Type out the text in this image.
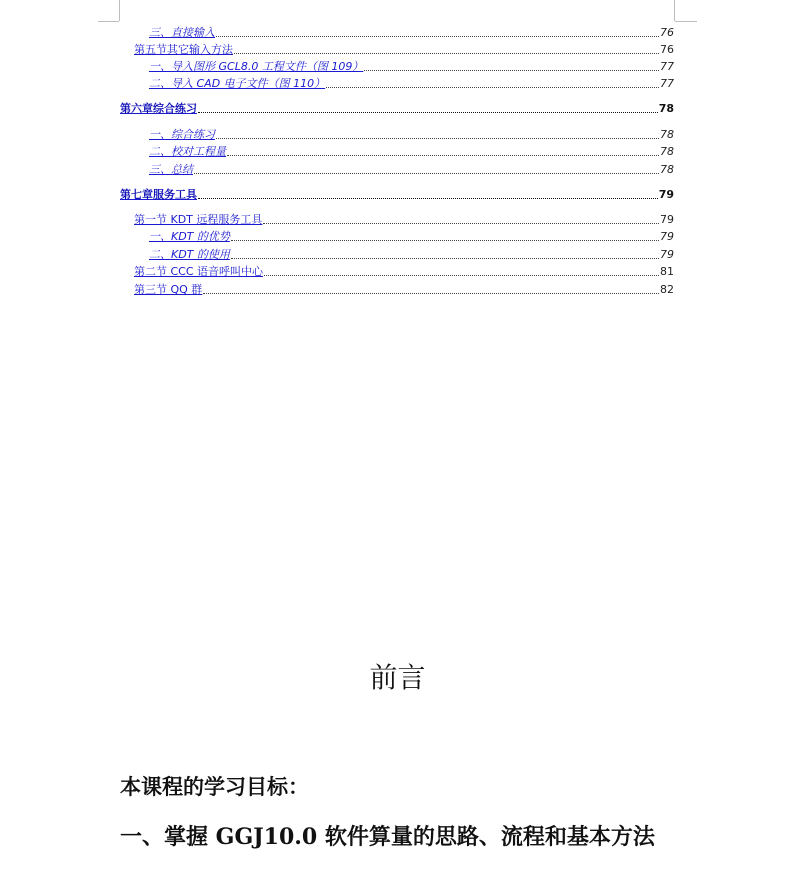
三、直接输入	76
第五节其它输入方法	76
一、导入图形 GCL8.0 工程文件（图 109）	77
二、导入 CAD 电子文件（图 110）	77
第六章综合练习	78
一、综合练习	78
二、校对工程量	78
三、总结	78
第七章服务工具	79
第一节 KDT 远程服务工具	79
一、KDT 的优势	79
二、KDT 的使用	79
第二节 CCC 语音呼叫中心	81
第三节 QQ 群	82
前言
本课程的学习目标：
一、掌握 GGJ10.0 软件算量的思路、流程和基本方法
